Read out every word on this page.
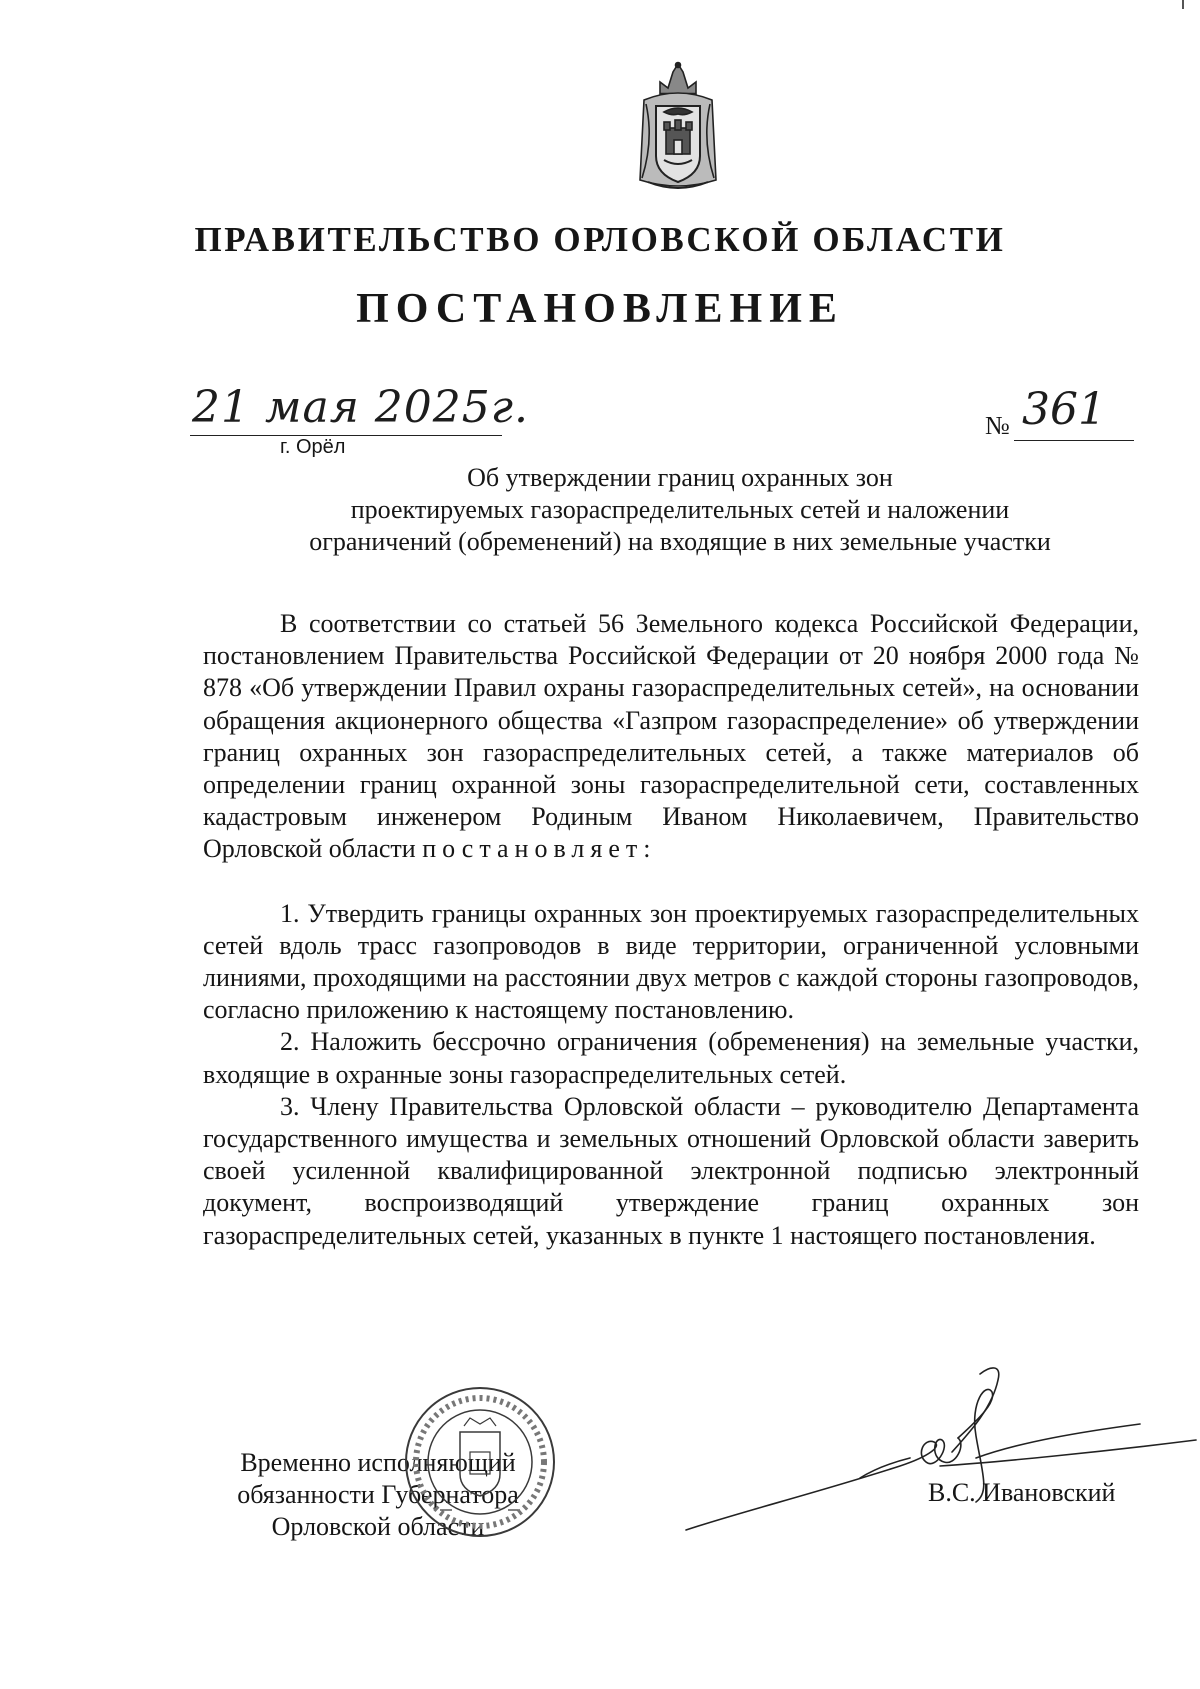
ПРАВИТЕЛЬСТВО ОРЛОВСКОЙ ОБЛАСТИ
ПОСТАНОВЛЕНИЕ
21 мая 2025г.
г. Орёл
№ 361
Об утверждении границ охранных зон
проектируемых газораспределительных сетей и наложении
ограничений (обременений) на входящие в них земельные участки

В соответствии со статьей 56 Земельного кодекса Российской Федерации, постановлением Правительства Российской Федерации от 20 ноября 2000 года № 878 «Об утверждении Правил охраны газораспределительных сетей», на основании обращения акционерного общества «Газпром газораспределение» об утверждении границ охранных зон газораспределительных сетей, а также материалов об определении границ охранной зоны газораспределительной сети, составленных кадастровым инженером Родиным Иваном Николаевичем, Правительство Орловской области постановляет:

1. Утвердить границы охранных зон проектируемых газораспределительных сетей вдоль трасс газопроводов в виде территории, ограниченной условными линиями, проходящими на расстоянии двух метров с каждой стороны газопроводов, согласно приложению к настоящему постановлению.

2. Наложить бессрочно ограничения (обременения) на земельные участки, входящие в охранные зоны газораспределительных сетей.

3. Члену Правительства Орловской области – руководителю Департамента государственного имущества и земельных отношений Орловской области заверить своей усиленной квалифицированной электронной подписью электронный документ, воспроизводящий утверждение границ охранных зон газораспределительных сетей, указанных в пункте 1 настоящего постановления.

Временно исполняющий
обязанности Губернатора
Орловской области
В.С. Ивановский
